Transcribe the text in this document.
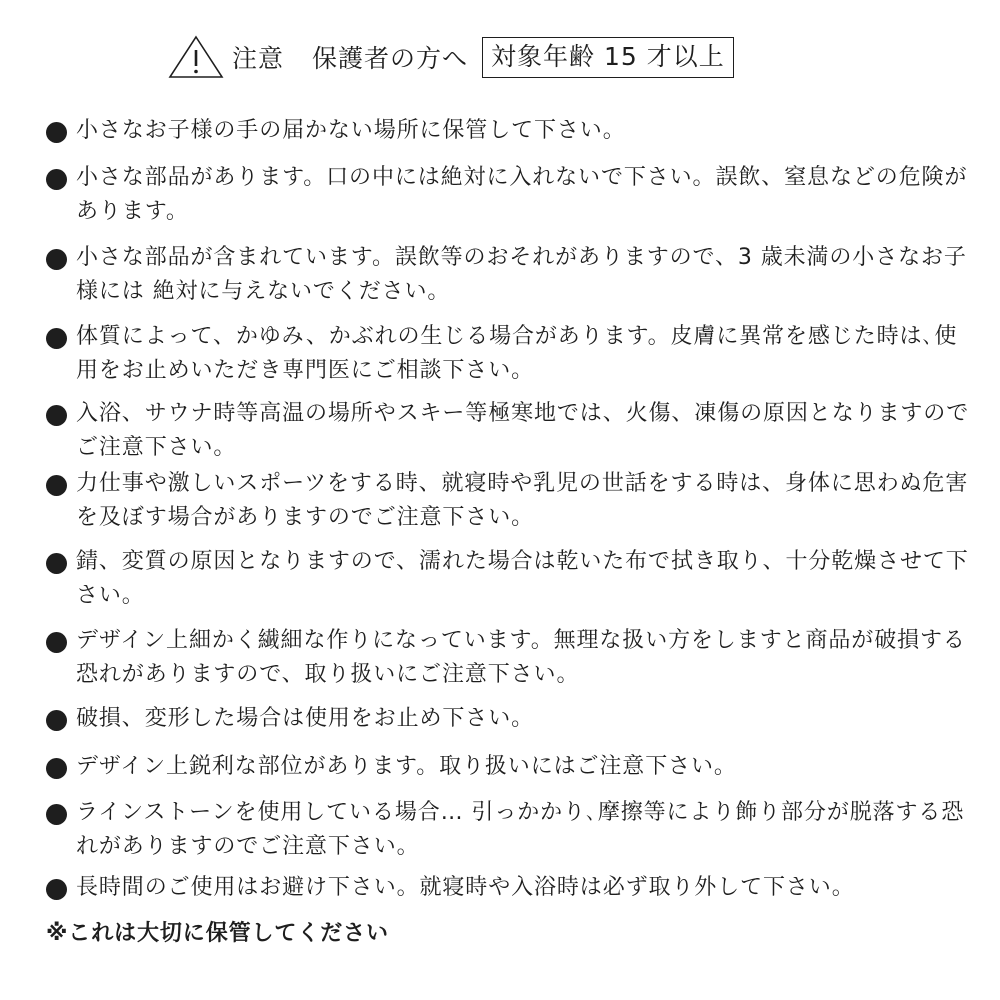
注意 保護者の方へ 対象年齢 15 才以上
小さなお子様の手の届かない場所に保管して下さい。
小さな部品があります。口の中には絶対に入れないで下さい。誤飲、窒息などの危険があります。
小さな部品が含まれています。誤飲等のおそれがありますので、3 歳未満の小さなお子様には 絶対に与えないでください。
体質によって、かゆみ、かぶれの生じる場合があります。皮膚に異常を感じた時は､使用をお止めいただき専門医にご相談下さい。
入浴、サウナ時等高温の場所やスキー等極寒地では、火傷、凍傷の原因となりますのでご注意下さい。
力仕事や激しいスポーツをする時、就寝時や乳児の世話をする時は、身体に思わぬ危害を及ぼす場合がありますのでご注意下さい。
錆、変質の原因となりますので、濡れた場合は乾いた布で拭き取り、十分乾燥させて下さい。
デザイン上細かく繊細な作りになっています。無理な扱い方をしますと商品が破損する恐れがありますので、取り扱いにご注意下さい。
破損、変形した場合は使用をお止め下さい。
デザイン上鋭利な部位があります。取り扱いにはご注意下さい。
ラインストーンを使用している場合… 引っかかり､摩擦等により飾り部分が脱落する恐れがありますのでご注意下さい。
長時間のご使用はお避け下さい。就寝時や入浴時は必ず取り外して下さい。
※これは大切に保管してください
